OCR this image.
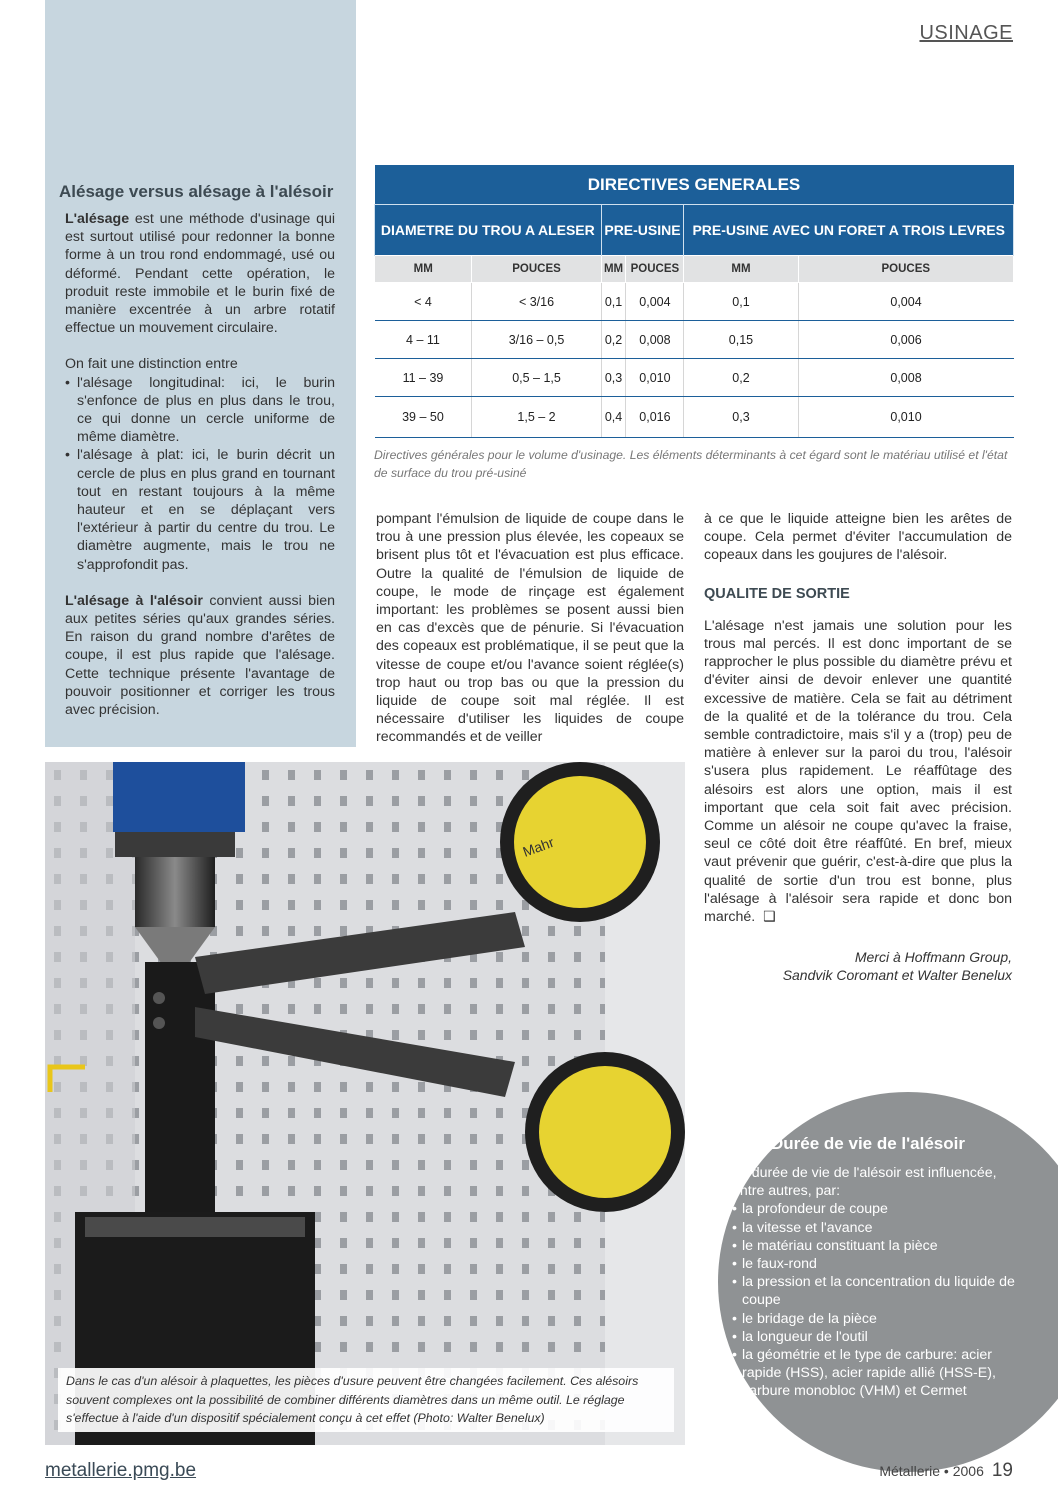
USINAGE
Alésage versus alésage à l'alésoir

L'alésage est une méthode d'usinage qui est surtout utilisé pour redonner la bonne forme à un trou rond endommagé, usé ou déformé. Pendant cette opération, le produit reste immobile et le burin fixé de manière excentrée à un arbre rotatif effectue un mouvement circulaire.

On fait une distinction entre

• l'alésage longitudinal: ici, le burin s'enfonce de plus en plus dans le trou, ce qui donne un cercle uniforme de même diamètre.
• l'alésage à plat: ici, le burin décrit un cercle de plus en plus grand en tournant tout en restant toujours à la même hauteur et en se déplaçant vers l'extérieur à partir du centre du trou. Le diamètre augmente, mais le trou ne s'approfondit pas.

L'alésage à l'alésoir convient aussi bien aux petites séries qu'aux grandes séries. En raison du grand nombre d'arêtes de coupe, il est plus rapide que l'alésage. Cette technique présente l'avantage de pouvoir positionner et corriger les trous avec précision.

DIRECTIVES GENERALES					
DIAMETRE DU TROU A ALESER		PRE-USINE		PRE-USINE AVEC UN FORET A TROIS LEVRES	
MM	POUCES	MM	POUCES	MM	POUCES
< 4	< 3/16	0,1	0,004	0,1	0,004
4 – 11	3/16 – 0,5	0,2	0,008	0,15	0,006
11 – 39	0,5 – 1,5	0,3	0,010	0,2	0,008
39 – 50	1,5 – 2	0,4	0,016	0,3	0,010
Directives générales pour le volume d'usinage. Les éléments déterminants à cet égard sont le matériau utilisé et l'état de surface du trou pré-usiné

pompant l'émulsion de liquide de coupe dans le trou à une pression plus élevée, les copeaux se brisent plus tôt et l'évacuation est plus efficace. Outre la qualité de l'émulsion de liquide de coupe, le mode de rinçage est également important: les problèmes se posent aussi bien en cas d'excès que de pénurie. Si l'évacuation des copeaux est problématique, il se peut que la vitesse de coupe et/ou l'avance soient réglée(s) trop haut ou trop bas ou que la pression du liquide de coupe soit mal réglée. Il est nécessaire d'utiliser les liquides de coupe recommandés et de veiller

à ce que le liquide atteigne bien les arêtes de coupe. Cela permet d'éviter l'accumulation de copeaux dans les goujures de l'alésoir.

QUALITE DE SORTIE

L'alésage n'est jamais une solution pour les trous mal percés. Il est donc important de se rapprocher le plus possible du diamètre prévu et d'éviter ainsi de devoir enlever une quantité excessive de matière. Cela se fait au détriment de la qualité et de la tolérance du trou. Cela semble contradictoire, mais s'il y a (trop) peu de matière à enlever sur la paroi du trou, l'alésoir s'usera plus rapidement. Le réaffûtage des alésoirs est alors une option, mais il est important que cela soit fait avec précision. Comme un alésoir ne coupe qu'avec la fraise, seul ce côté doit être réaffûté. En bref, mieux vaut prévenir que guérir, c'est-à-dire que plus la qualité de sortie d'un trou est bonne, plus l'alésage à l'alésoir sera rapide et donc bon marché. ❑

Merci à Hoffmann Group,
Sandvik Coromant et Walter Benelux
Mahr
Dans le cas d'un alésoir à plaquettes, les pièces d'usure peuvent être changées facilement. Ces alésoirs souvent complexes ont la possibilité de combiner différents diamètres dans un même outil. Le réglage s'effectue à l'aide d'un dispositif spécialement conçu à cet effet (Photo: Walter Benelux)
Durée de vie de l'alésoir
La durée de vie de l'alésoir est influencée, entre autres, par:
• la profondeur de coupe
• la vitesse et l'avance
• le matériau constituant la pièce
• le faux-rond
• la pression et la concentration du liquide de coupe
• le bridage de la pièce
• la longueur de l'outil
• la géométrie et le type de carbure: acier rapide (HSS), acier rapide allié (HSS-E), carbure monobloc (VHM) et Cermet
metallerie.pmg.be	Métallerie • 2006 19
